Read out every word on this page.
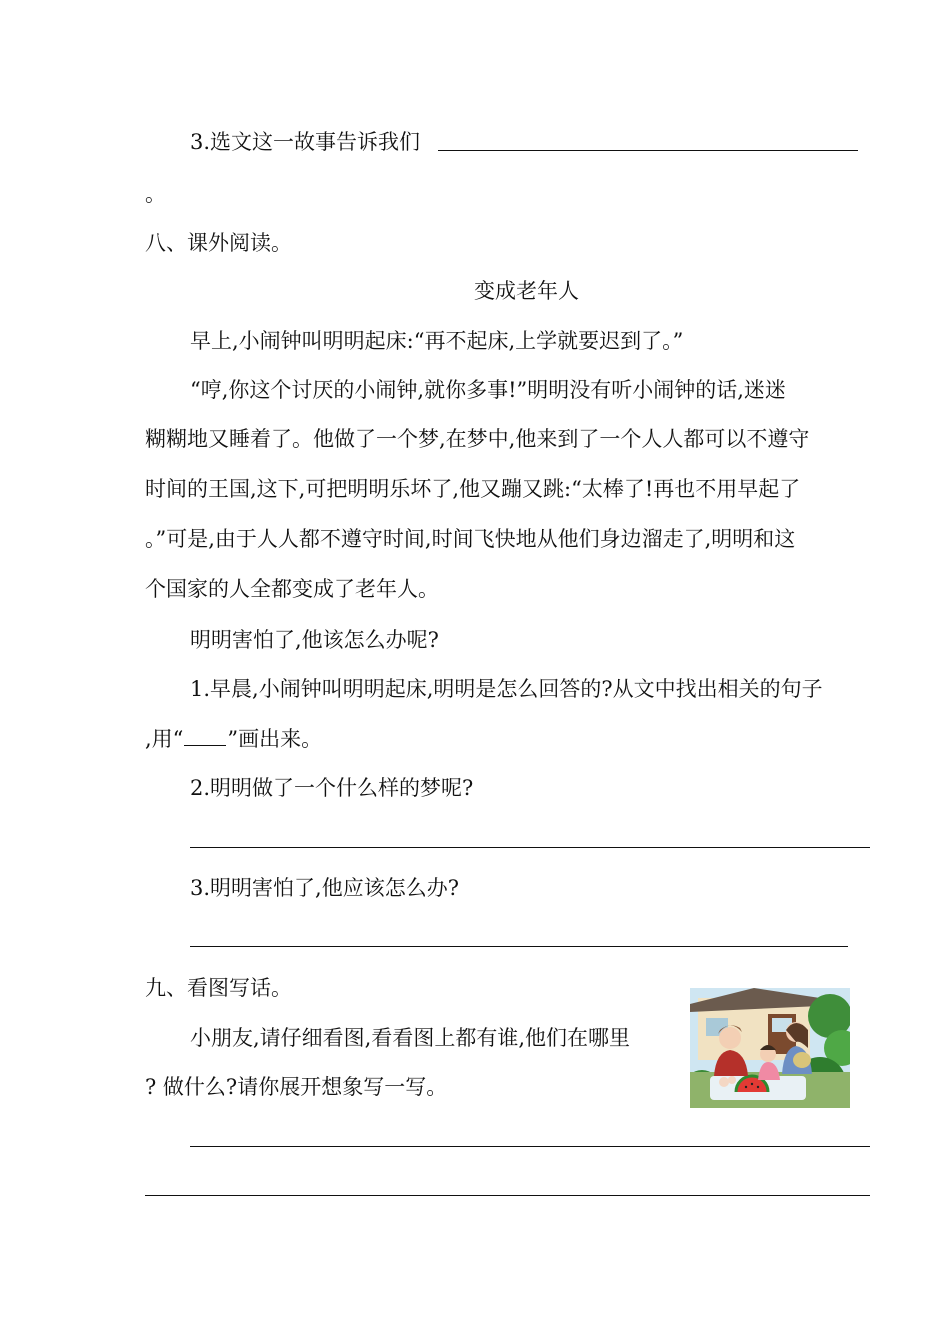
3.选文这一故事告诉我们
。
八、课外阅读。
变成老年人
早上,小闹钟叫明明起床:“再不起床,上学就要迟到了。”
“哼,你这个讨厌的小闹钟,就你多事!”明明没有听小闹钟的话,迷迷
糊糊地又睡着了。他做了一个梦,在梦中,他来到了一个人人都可以不遵守
时间的王国,这下,可把明明乐坏了,他又蹦又跳:“太棒了!再也不用早起了
。”可是,由于人人都不遵守时间,时间飞快地从他们身边溜走了,明明和这
个国家的人全都变成了老年人。
明明害怕了,他该怎么办呢?
1.早晨,小闹钟叫明明起床,明明是怎么回答的?从文中找出相关的句子
,用“ ”画出来。
2.明明做了一个什么样的梦呢?
3.明明害怕了,他应该怎么办?
九、看图写话。
小朋友,请仔细看图,看看图上都有谁,他们在哪里
? 做什么?请你展开想象写一写。
